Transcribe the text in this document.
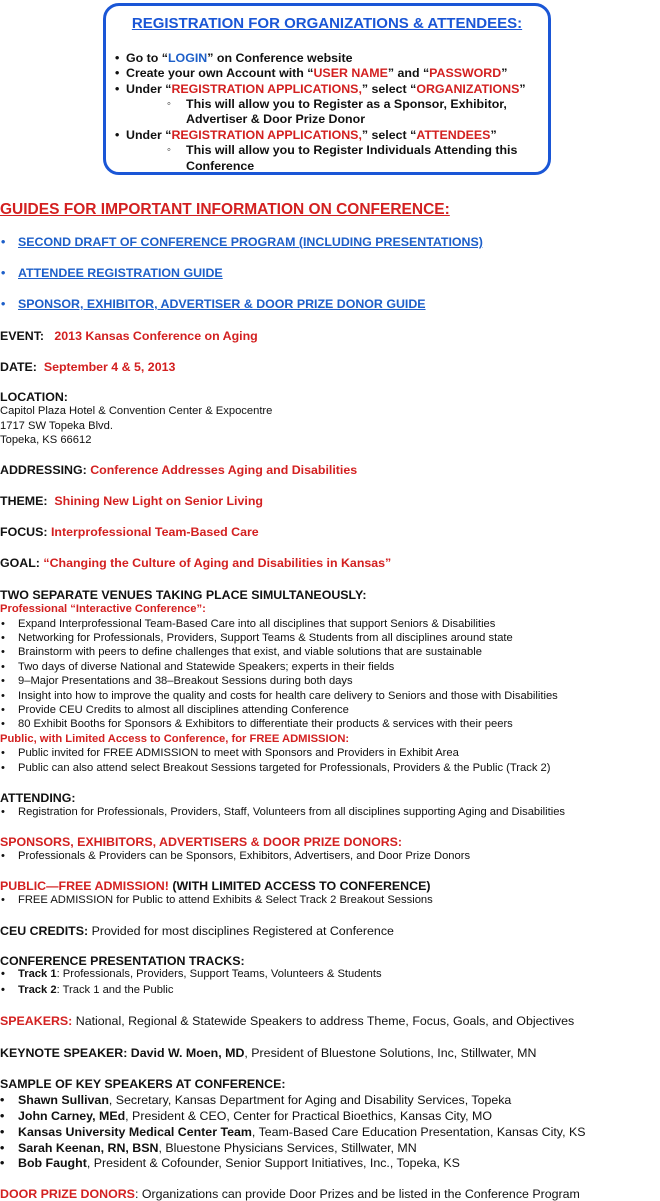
REGISTRATION FOR ORGANIZATIONS & ATTENDEES:
• Go to “LOGIN” on Conference website
• Create your own Account with “USER NAME” and “PASSWORD”
• Under “REGISTRATION APPLICATIONS,” select “ORGANIZATIONS”
◦ This will allow you to Register as a Sponsor, Exhibitor,
Advertiser & Door Prize Donor
• Under “REGISTRATION APPLICATIONS,” select “ATTENDEES”
◦ This will allow you to Register Individuals Attending this
Conference
GUIDES FOR IMPORTANT INFORMATION ON CONFERENCE:
• SECOND DRAFT OF CONFERENCE PROGRAM (INCLUDING PRESENTATIONS)
• ATTENDEE REGISTRATION GUIDE
• SPONSOR, EXHIBITOR, ADVERTISER & DOOR PRIZE DONOR GUIDE
EVENT: 2013 Kansas Conference on Aging
DATE: September 4 & 5, 2013
LOCATION:
Capitol Plaza Hotel & Convention Center & Expocentre
1717 SW Topeka Blvd.
Topeka, KS 66612
ADDRESSING: Conference Addresses Aging and Disabilities
THEME: Shining New Light on Senior Living
FOCUS: Interprofessional Team-Based Care
GOAL: “Changing the Culture of Aging and Disabilities in Kansas”
TWO SEPARATE VENUES TAKING PLACE SIMULTANEOUSLY:
Professional “Interactive Conference”:
• Expand Interprofessional Team-Based Care into all disciplines that support Seniors & Disabilities
• Networking for Professionals, Providers, Support Teams & Students from all disciplines around state
• Brainstorm with peers to define challenges that exist, and viable solutions that are sustainable
• Two days of diverse National and Statewide Speakers; experts in their fields
• 9–Major Presentations and 38–Breakout Sessions during both days
• Insight into how to improve the quality and costs for health care delivery to Seniors and those with Disabilities
• Provide CEU Credits to almost all disciplines attending Conference
• 80 Exhibit Booths for Sponsors & Exhibitors to differentiate their products & services with their peers
Public, with Limited Access to Conference, for FREE ADMISSION:
• Public invited for FREE ADMISSION to meet with Sponsors and Providers in Exhibit Area
• Public can also attend select Breakout Sessions targeted for Professionals, Providers & the Public (Track 2)
ATTENDING:
• Registration for Professionals, Providers, Staff, Volunteers from all disciplines supporting Aging and Disabilities
SPONSORS, EXHIBITORS, ADVERTISERS & DOOR PRIZE DONORS:
• Professionals & Providers can be Sponsors, Exhibitors, Advertisers, and Door Prize Donors
PUBLIC—FREE ADMISSION! (WITH LIMITED ACCESS TO CONFERENCE)
• FREE ADMISSION for Public to attend Exhibits & Select Track 2 Breakout Sessions
CEU CREDITS: Provided for most disciplines Registered at Conference
CONFERENCE PRESENTATION TRACKS:
• Track 1: Professionals, Providers, Support Teams, Volunteers & Students
• Track 2: Track 1 and the Public
SPEAKERS: National, Regional & Statewide Speakers to address Theme, Focus, Goals, and Objectives
KEYNOTE SPEAKER: David W. Moen, MD, President of Bluestone Solutions, Inc, Stillwater, MN
SAMPLE OF KEY SPEAKERS AT CONFERENCE:
• Shawn Sullivan, Secretary, Kansas Department for Aging and Disability Services, Topeka
• John Carney, MEd, President & CEO, Center for Practical Bioethics, Kansas City, MO
• Kansas University Medical Center Team, Team-Based Care Education Presentation, Kansas City, KS
• Sarah Keenan, RN, BSN, Bluestone Physicians Services, Stillwater, MN
• Bob Faught, President & Cofounder, Senior Support Initiatives, Inc., Topeka, KS
DOOR PRIZE DONORS: Organizations can provide Door Prizes and be listed in the Conference Program
